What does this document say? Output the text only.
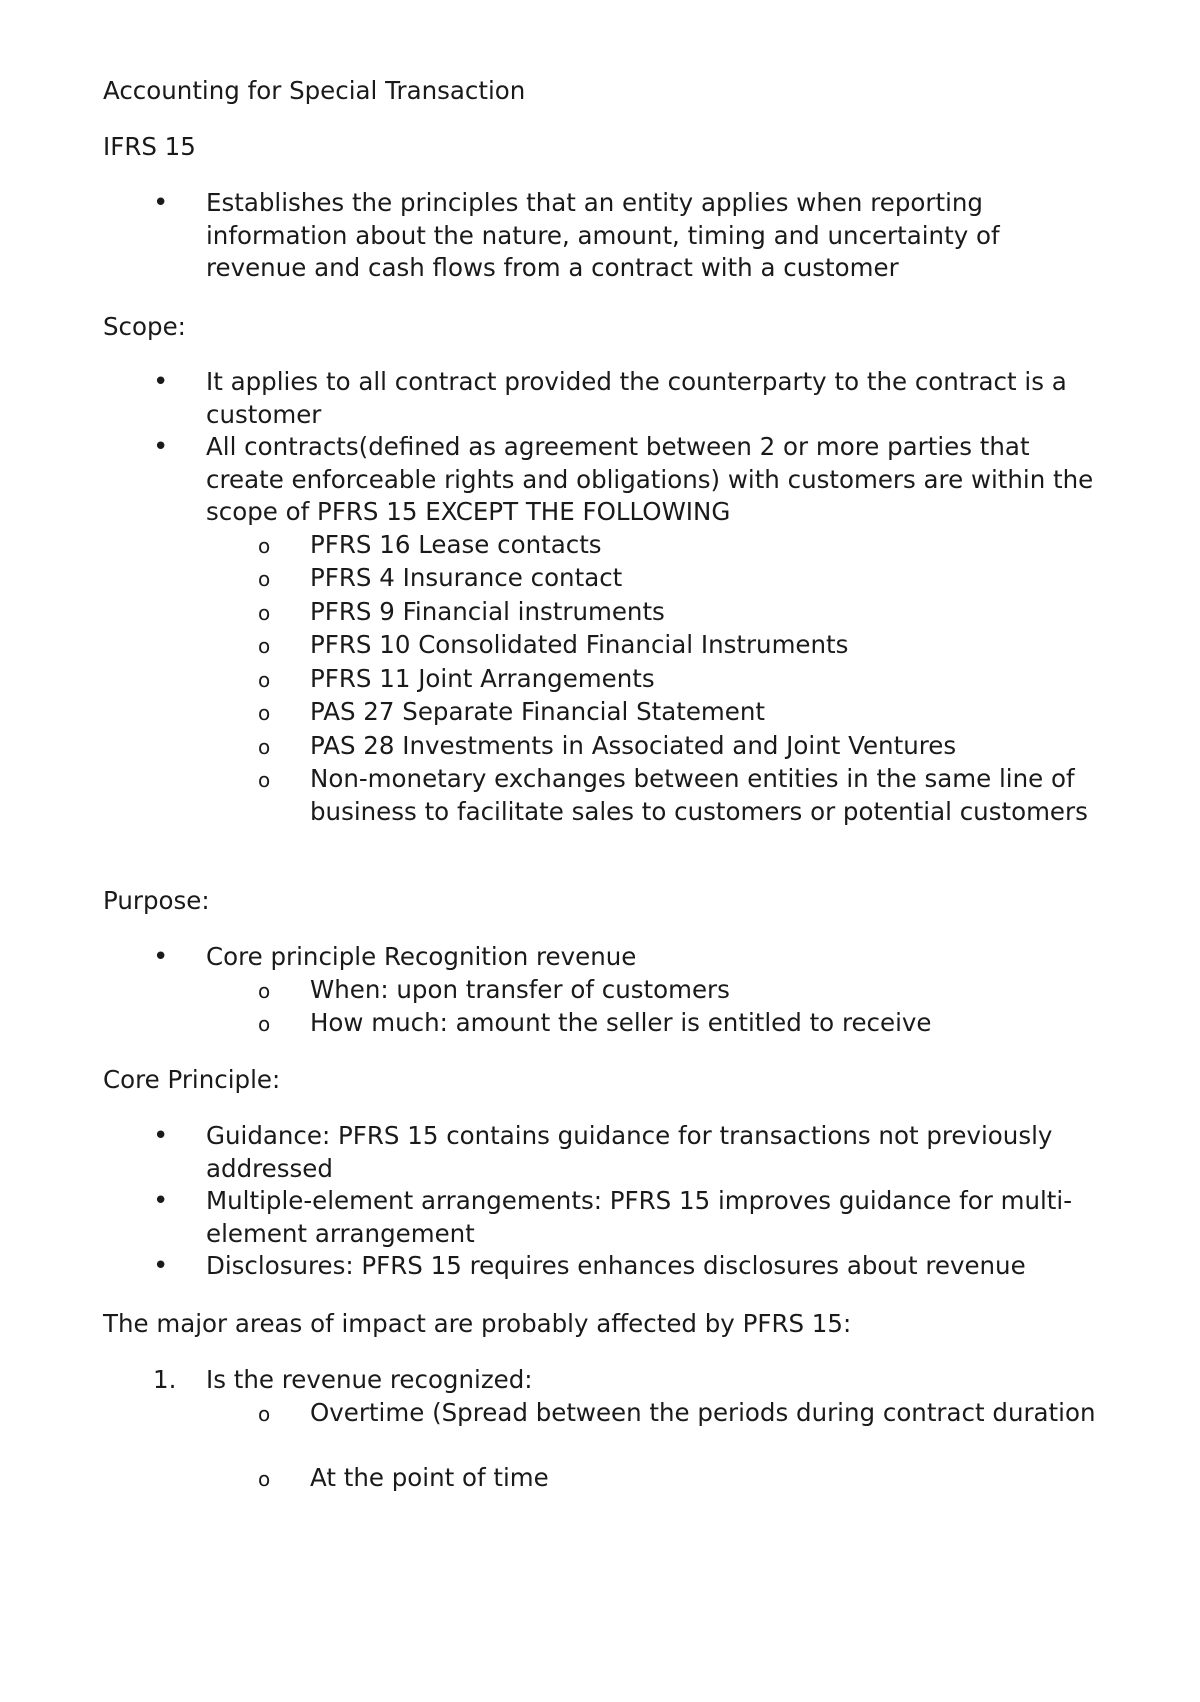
Accounting for Special Transaction

IFRS 15

• Establishes the principles that an entity applies when reporting information about the nature, amount, timing and uncertainty of revenue and cash flows from a contract with a customer

Scope:

• It applies to all contract provided the counterparty to the contract is a customer
• All contracts(defined as agreement between 2 or more parties that create enforceable rights and obligations) with customers are within the scope of PFRS 15 EXCEPT THE FOLLOWING
o PFRS 16 Lease contacts
o PFRS 4 Insurance contact
o PFRS 9 Financial instruments
o PFRS 10 Consolidated Financial Instruments
o PFRS 11 Joint Arrangements
o PAS 27 Separate Financial Statement
o PAS 28 Investments in Associated and Joint Ventures
o Non-monetary exchanges between entities in the same line of business to facilitate sales to customers or potential customers

Purpose:

• Core principle Recognition revenue
o When: upon transfer of customers
o How much: amount the seller is entitled to receive

Core Principle:

• Guidance: PFRS 15 contains guidance for transactions not previously addressed
• Multiple-element arrangements: PFRS 15 improves guidance for multi-element arrangement
• Disclosures: PFRS 15 requires enhances disclosures about revenue

The major areas of impact are probably affected by PFRS 15:

1. Is the revenue recognized:
o Overtime (Spread between the periods during contract duration
o At the point of time
